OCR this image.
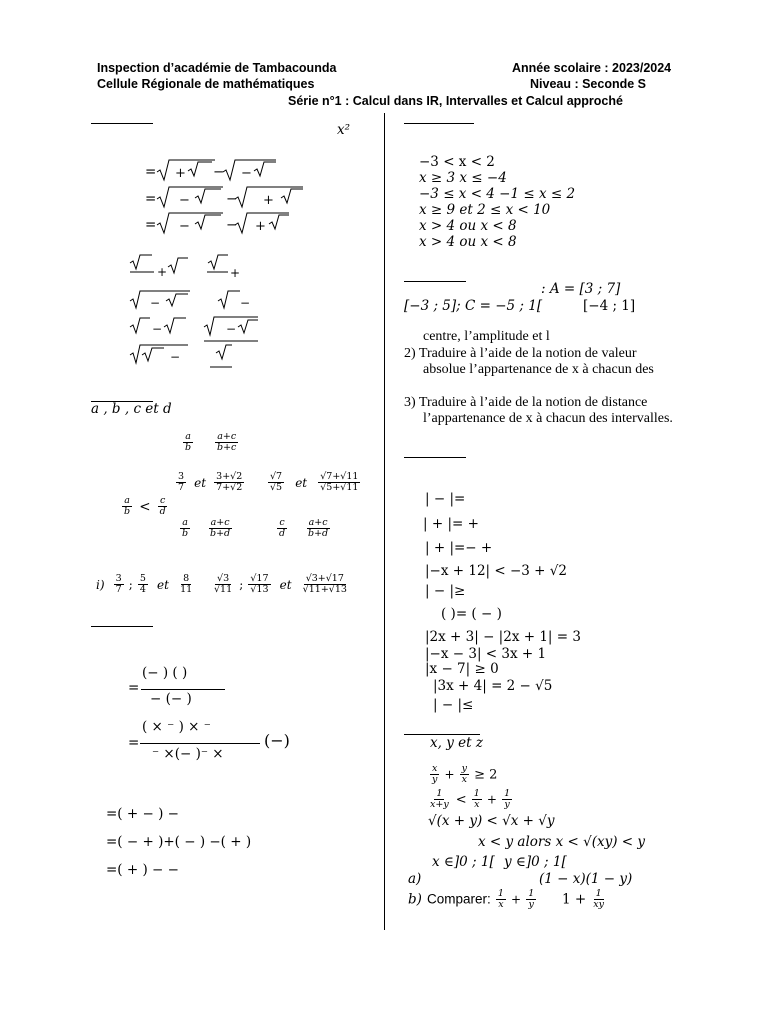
Inspection d’académie de Tambacounda
Cellule Régionale de mathématiques
Année scolaire : 2023/2024
Niveau : Seconde S
Série n°1 : Calcul dans IR, Intervalles et Calcul approché
x²
= +	−
−
= −	+
−
= −	+
−
+	+
−	−
−	−
−
a , b , c et d
$\frac{a}{b} \frac{a+c}{b+c}$
$\frac{3}{7}$ et $\frac{3+√2}{7+√2} \frac{√7}{√5}$ et $\frac{√7+√11}{√5+√11}$
$\frac{a}{b} < \frac{c}{d}$
$\frac{a}{b} \frac{a+c}{b+d}$	$\frac{c}{d} \frac{a+c}{b+d}$
$i) \frac{3}{7}$ ; $\frac{5}{4}$ et $\frac{8}{11} \frac{√3}{√11}$ ; $\frac{√17}{√13}$ et $\frac{√3+√17}{√11+√13}$
=
(− ) ( )
− (− )
=
( × ⁻ ) × ⁻
⁻ ×(− )⁻ ×
(−)
=( + − ) −
=( − + )+( − ) −( + )
=( + ) − −
−3 < x < 2
x ≥ 3 x ≤ −4
−3 ≤ x < 4 −1 ≤ x ≤ 2
x ≥ 9 et 2 ≤ x < 10
x > 4 ou x < 8
x > 4 ou x < 8
: A = [3 ; 7]
[−3 ; 5]; C = −5 ; 1[	[−4 ; 1]
centre, l’amplitude et l
2) Traduire à l’aide de la notion de valeur
absolue l’appartenance de x à chacun des
3) Traduire à l’aide de la notion de distance
l’appartenance de x à chacun des intervalles.
| − |=
| + |= +
| + |=− +
|−x + 12| < −3 + √2
| − |≥
( )= ( − )
|2x + 3| − |2x + 1| = 3
|−x − 3| < 3x + 1
|x − 7| ≥ 0
|3x + 4| = 2 − √5
| − |≤
x, y et z
$\frac{x}{y} + \frac{y}{x} \ge 2$
$\frac{1}{x+y} < \frac{1}{x} + \frac{1}{y}$
√(x + y) < √x + √y
x < y alors x < √(xy) < y
x ∈]0 ; 1[ y ∈]0 ; 1[
a)	(1 − x)(1 − y)
b) Comparer: $\frac{1}{x} + \frac{1}{y} 1 + \frac{1}{xy}$
